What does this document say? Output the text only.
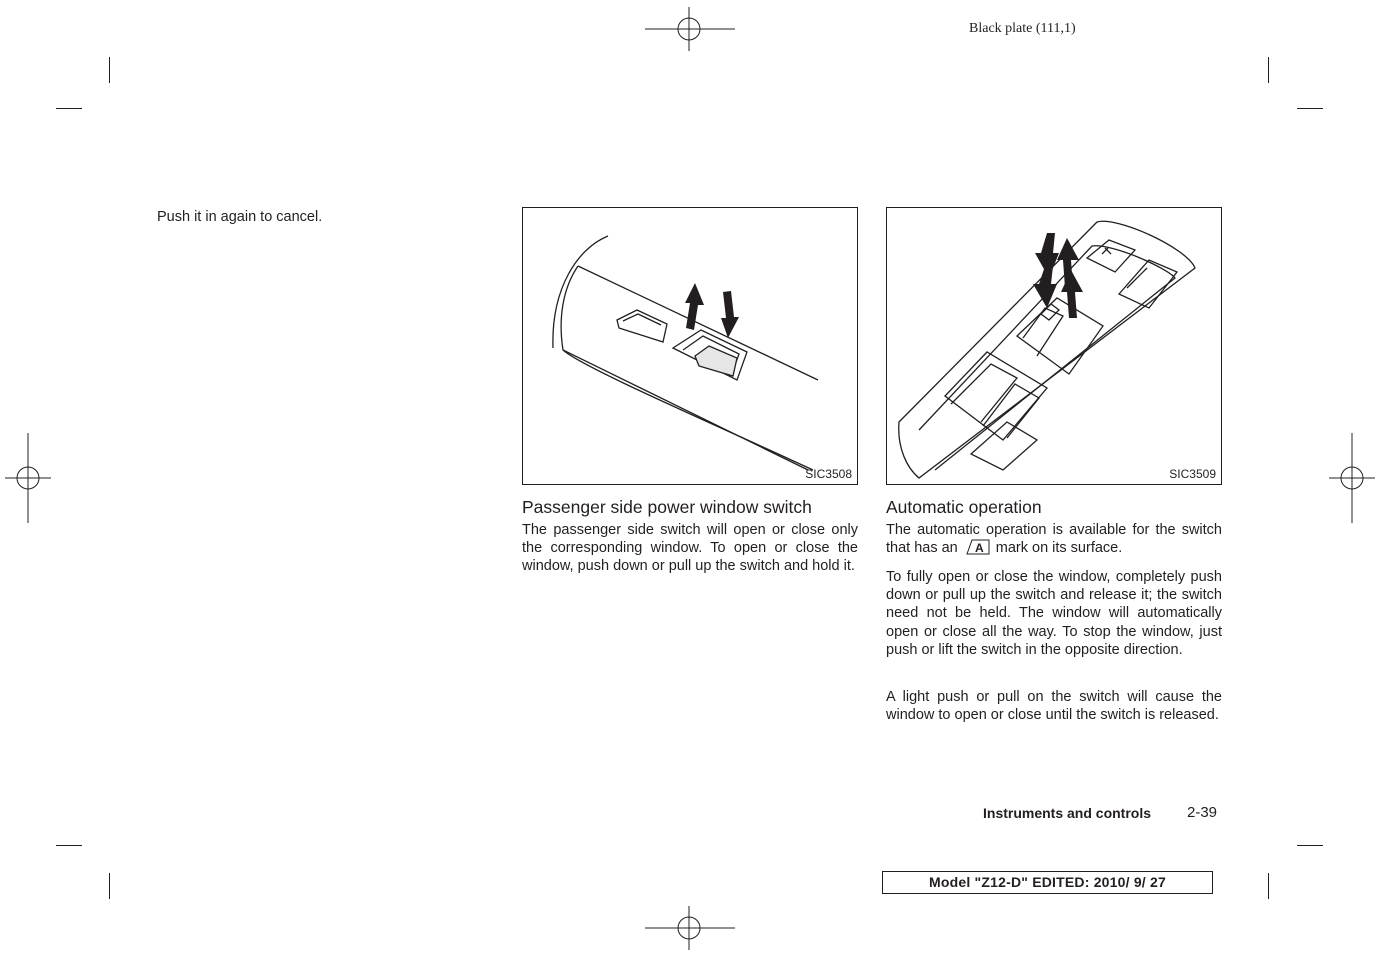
Black plate (111,1)
Push it in again to cancel.
SIC3508
Passenger side power window switch
The passenger side switch will open or close only the corresponding window. To open or close the window, push down or pull up the switch and hold it.
SIC3509
Automatic operation
The automatic operation is available for the switch that has an A mark on its surface.
To fully open or close the window, completely push down or pull up the switch and release it; the switch need not be held. The window will automatically open or close all the way. To stop the window, just push or lift the switch in the opposite direction.
A light push or pull on the switch will cause the window to open or close until the switch is released.
Instruments and controls 2-39
Model "Z12-D" EDITED: 2010/ 9/ 27
